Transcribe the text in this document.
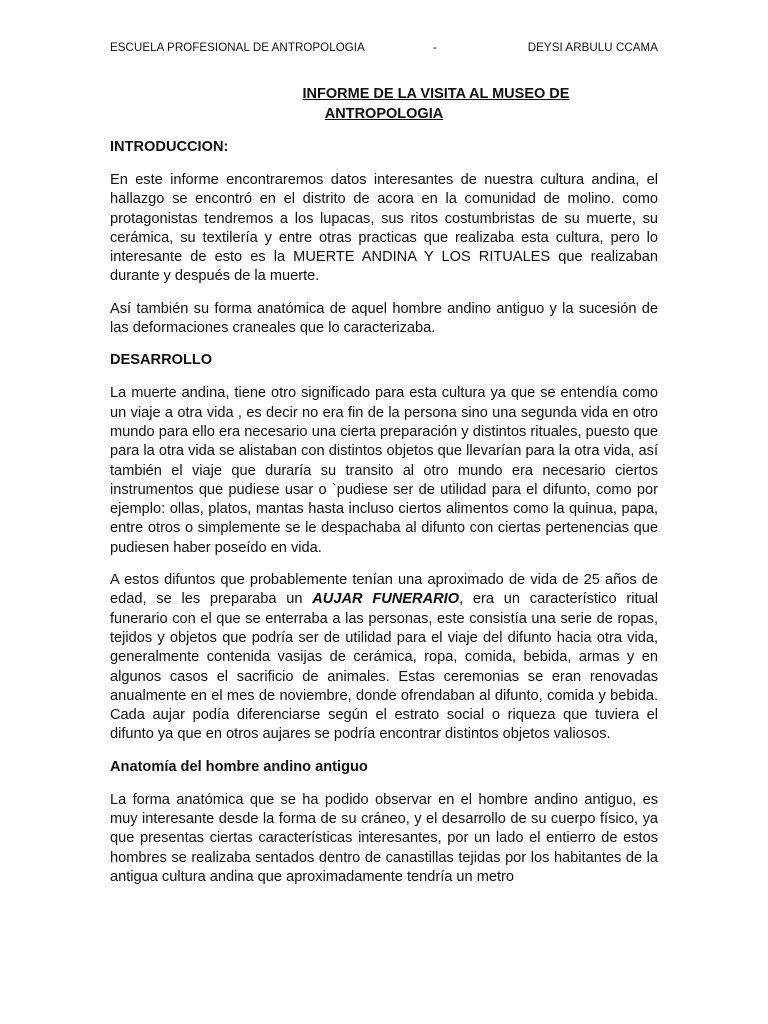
ESCUELA PROFESIONAL DE ANTROPOLOGIA	-	DEYSI ARBULU CCAMA
INFORME DE LA VISITA AL MUSEO DE
ANTROPOLOGIA
INTRODUCCION:

En este informe encontraremos datos interesantes de nuestra cultura andina, el hallazgo se encontró en el distrito de acora en la comunidad de molino. como protagonistas tendremos a los lupacas, sus ritos costumbristas de su muerte, su cerámica, su textilería y entre otras practicas que realizaba esta cultura, pero lo interesante de esto es la MUERTE ANDINA Y LOS RITUALES que realizaban durante y después de la muerte.

Así también su forma anatómica de aquel hombre andino antiguo y la sucesión de las deformaciones craneales que lo caracterizaba.

DESARROLLO

La muerte andina, tiene otro significado para esta cultura ya que se entendía como un viaje a otra vida , es decir no era fin de la persona sino una segunda vida en otro mundo para ello era necesario una cierta preparación y distintos rituales, puesto que para la otra vida se alistaban con distintos objetos que llevarían para la otra vida, así también el viaje que duraría su transito al otro mundo era necesario ciertos instrumentos que pudiese usar o `pudiese ser de utilidad para el difunto, como por ejemplo: ollas, platos, mantas hasta incluso ciertos alimentos como la quinua, papa, entre otros o simplemente se le despachaba al difunto con ciertas pertenencias que pudiesen haber poseído en vida.

A estos difuntos que probablemente tenían una aproximado de vida de 25 años de edad, se les preparaba un AUJAR FUNERARIO, era un característico ritual funerario con el que se enterraba a las personas, este consistía una serie de ropas, tejidos y objetos que podría ser de utilidad para el viaje del difunto hacia otra vida, generalmente contenida vasijas de cerámica, ropa, comida, bebida, armas y en algunos casos el sacrificio de animales. Estas ceremonias se eran renovadas anualmente en el mes de noviembre, donde ofrendaban al difunto, comida y bebida. Cada aujar podía diferenciarse según el estrato social o riqueza que tuviera el difunto ya que en otros aujares se podría encontrar distintos objetos valiosos.

Anatomía del hombre andino antiguo

La forma anatómica que se ha podido observar en el hombre andino antiguo, es muy interesante desde la forma de su cráneo, y el desarrollo de su cuerpo físico, ya que presentas ciertas características interesantes, por un lado el entierro de estos hombres se realizaba sentados dentro de canastillas tejidas por los habitantes de la antigua cultura andina que aproximadamente tendría un metro
